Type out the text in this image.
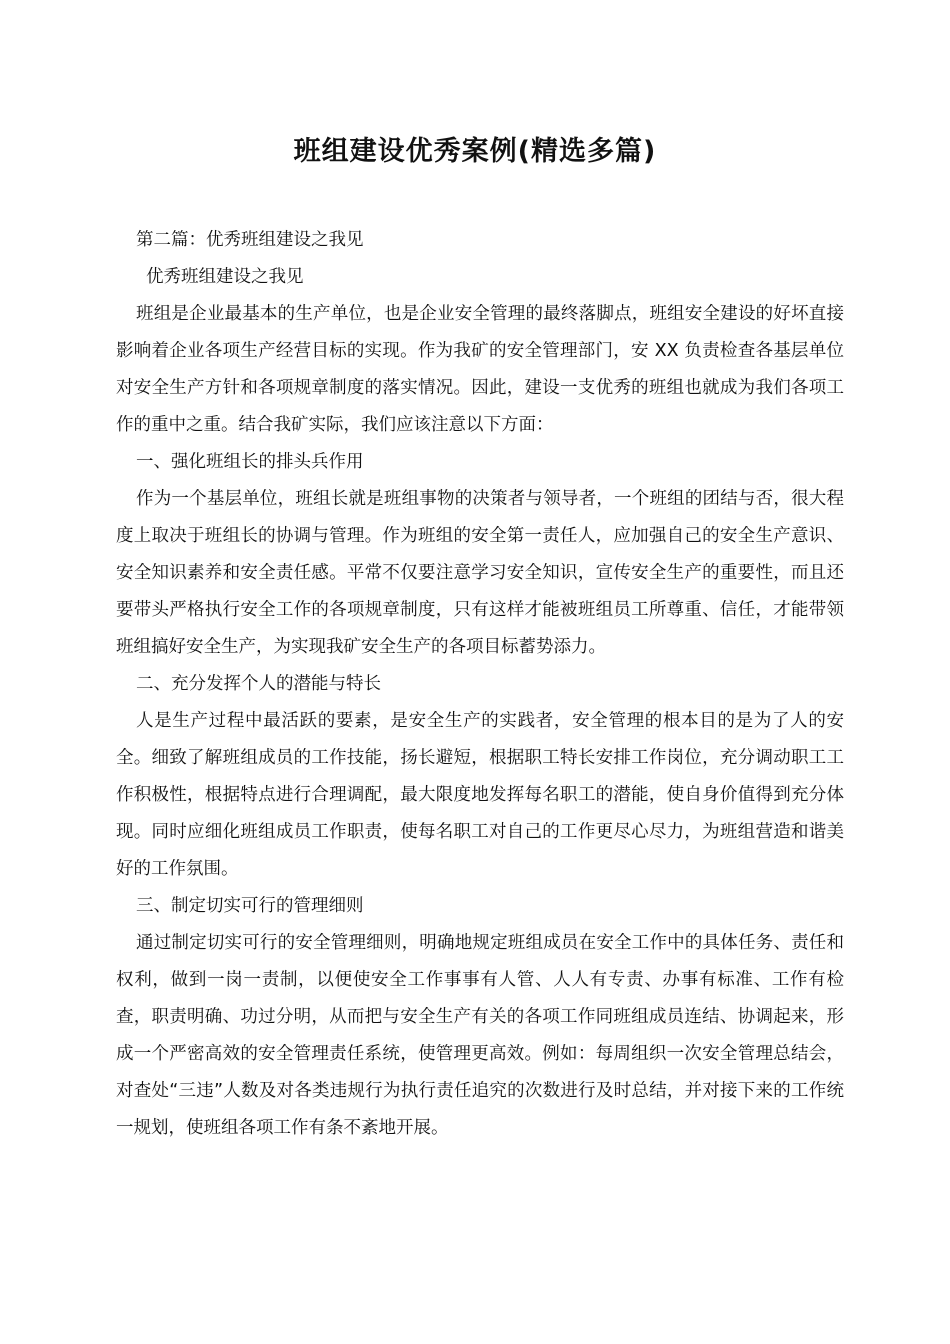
班组建设优秀案例(精选多篇)

第二篇：优秀班组建设之我见

优秀班组建设之我见

班组是企业最基本的生产单位，也是企业安全管理的最终落脚点，班组安全建设的好坏直接影响着企业各项生产经营目标的实现。作为我矿的安全管理部门，安 XX 负责检查各基层单位对安全生产方针和各项规章制度的落实情况。因此，建设一支优秀的班组也就成为我们各项工作的重中之重。结合我矿实际，我们应该注意以下方面：

一、强化班组长的排头兵作用

作为一个基层单位，班组长就是班组事物的决策者与领导者，一个班组的团结与否，很大程度上取决于班组长的协调与管理。作为班组的安全第一责任人，应加强自己的安全生产意识、安全知识素养和安全责任感。平常不仅要注意学习安全知识，宣传安全生产的重要性，而且还要带头严格执行安全工作的各项规章制度，只有这样才能被班组员工所尊重、信任，才能带领班组搞好安全生产，为实现我矿安全生产的各项目标蓄势添力。

二、充分发挥个人的潜能与特长

人是生产过程中最活跃的要素，是安全生产的实践者，安全管理的根本目的是为了人的安全。细致了解班组成员的工作技能，扬长避短，根据职工特长安排工作岗位，充分调动职工工作积极性，根据特点进行合理调配，最大限度地发挥每名职工的潜能，使自身价值得到充分体现。同时应细化班组成员工作职责，使每名职工对自己的工作更尽心尽力，为班组营造和谐美好的工作氛围。

三、制定切实可行的管理细则

通过制定切实可行的安全管理细则，明确地规定班组成员在安全工作中的具体任务、责任和权利，做到一岗一责制，以便使安全工作事事有人管、人人有专责、办事有标准、工作有检查，职责明确、功过分明，从而把与安全生产有关的各项工作同班组成员连结、协调起来，形成一个严密高效的安全管理责任系统，使管理更高效。例如：每周组织一次安全管理总结会，对查处“三违”人数及对各类违规行为执行责任追究的次数进行及时总结，并对接下来的工作统一规划，使班组各项工作有条不紊地开展。
